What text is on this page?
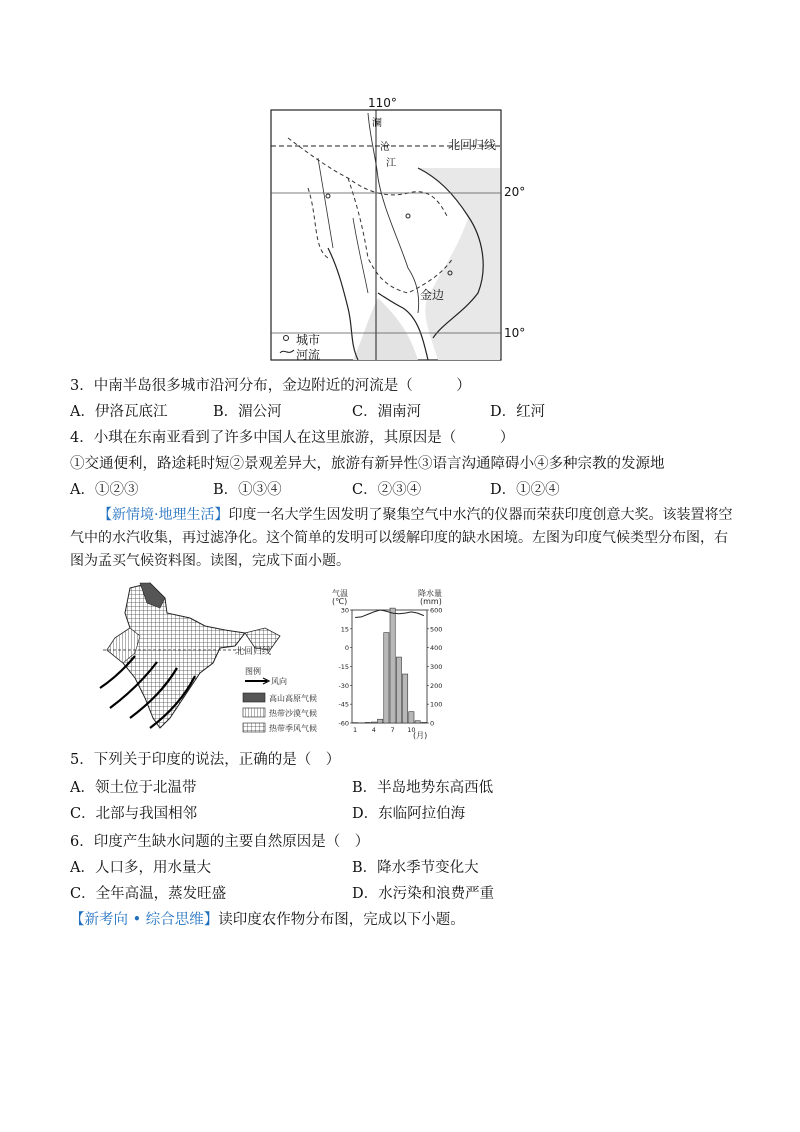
110°
北回归线
20°
10°
金边
城市
河流
澜
沧
江
3．中南半岛很多城市沿河分布，金边附近的河流是（　　　）
A．伊洛瓦底江	B．湄公河	C．湄南河	D．红河
4．小琪在东南亚看到了许多中国人在这里旅游，其原因是（　　　）
①交通便利，路途耗时短②景观差异大，旅游有新异性③语言沟通障碍小④多种宗教的发源地
A．①②③	B．①③④	C．②③④	D．①②④
【新情境·地理生活】印度一名大学生因发明了聚集空气中水汽的仪器而荣获印度创意大奖。该装置将空气中的水汽收集，再过滤净化。这个简单的发明可以缓解印度的缺水困境。左图为印度气候类型分布图，右图为孟买气候资料图。读图，完成下面小题。
北回归线
图例
风向
高山高原气候
热带沙漠气候
热带季风气候
30
15
0
-15
-30
-45
-60
600
500
400
300
200
100
0
1 4 7 10
气温
(℃)
降水量
(mm)
(月)
5．下列关于印度的说法，正确的是（　）
A．领土位于北温带	B．半岛地势东高西低
C．北部与我国相邻	D．东临阿拉伯海
6．印度产生缺水问题的主要自然原因是（　）
A．人口多，用水量大	B．降水季节变化大
C．全年高温，蒸发旺盛	D．水污染和浪费严重
【新考向 • 综合思维】读印度农作物分布图，完成以下小题。
